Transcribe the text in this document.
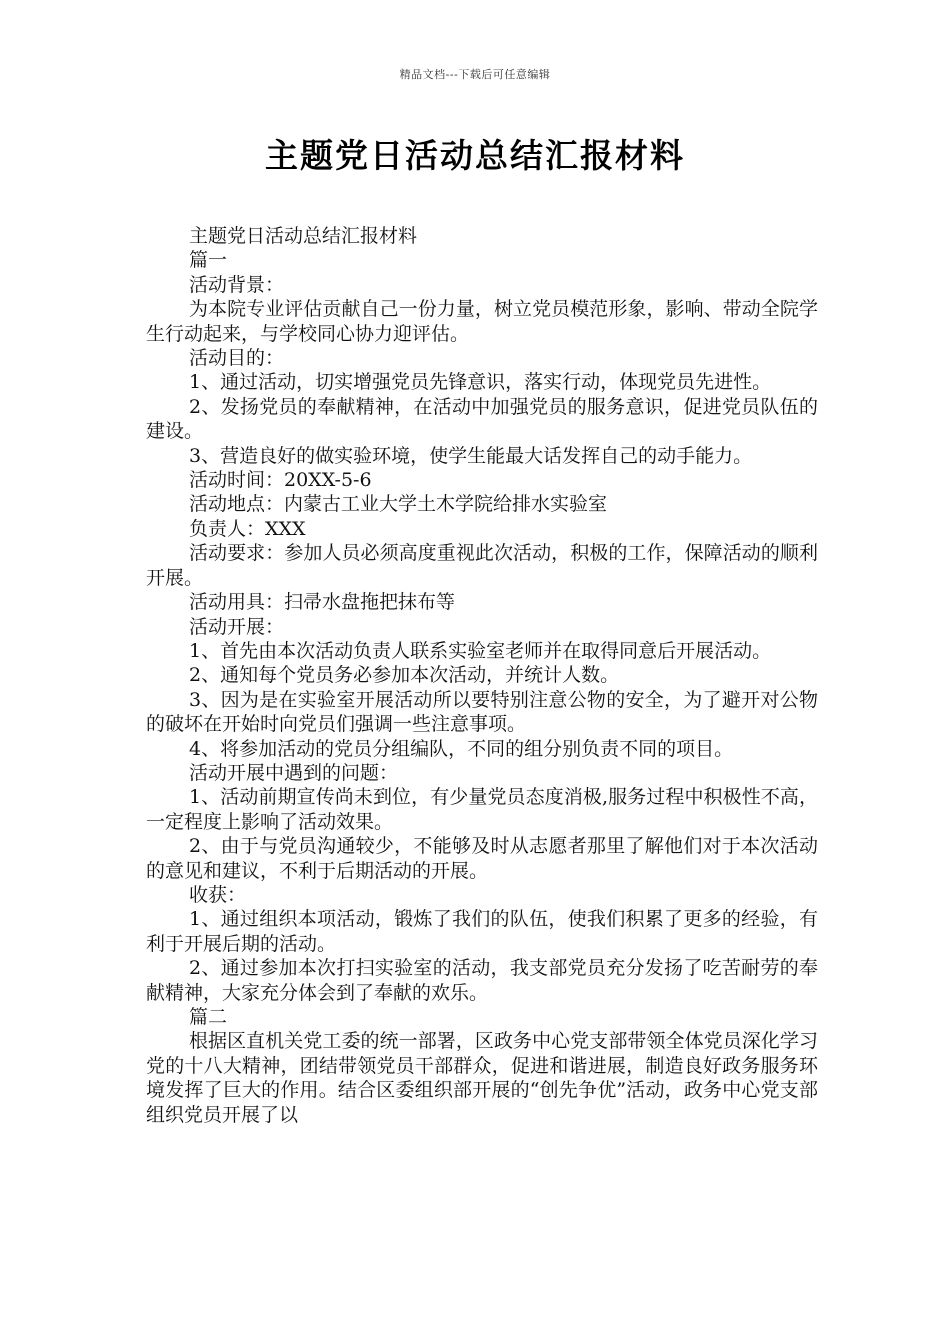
精品文档---下载后可任意编辑
主题党日活动总结汇报材料

主题党日活动总结汇报材料

篇一

活动背景：

为本院专业评估贡献自己一份力量，树立党员模范形象，影响、带动全院学生行动起来，与学校同心协力迎评估。

活动目的：

1、通过活动，切实增强党员先锋意识，落实行动，体现党员先进性。

2、发扬党员的奉献精神，在活动中加强党员的服务意识，促进党员队伍的建设。

3、营造良好的做实验环境，使学生能最大话发挥自己的动手能力。

活动时间：20XX-5-6

活动地点：内蒙古工业大学土木学院给排水实验室

负责人：XXX

活动要求：参加人员必须高度重视此次活动，积极的工作，保障活动的顺利开展。

活动用具：扫帚水盘拖把抹布等

活动开展：

1、首先由本次活动负责人联系实验室老师并在取得同意后开展活动。

2、通知每个党员务必参加本次活动，并统计人数。

3、因为是在实验室开展活动所以要特别注意公物的安全，为了避开对公物的破坏在开始时向党员们强调一些注意事项。

4、将参加活动的党员分组编队，不同的组分别负责不同的项目。

活动开展中遇到的问题：

1、活动前期宣传尚未到位，有少量党员态度消极,服务过程中积极性不高，一定程度上影响了活动效果。

2、由于与党员沟通较少，不能够及时从志愿者那里了解他们对于本次活动的意见和建议，不利于后期活动的开展。

收获：

1、通过组织本项活动，锻炼了我们的队伍，使我们积累了更多的经验，有利于开展后期的活动。

2、通过参加本次打扫实验室的活动，我支部党员充分发扬了吃苦耐劳的奉献精神，大家充分体会到了奉献的欢乐。

篇二

根据区直机关党工委的统一部署，区政务中心党支部带领全体党员深化学习党的十八大精神，团结带领党员干部群众，促进和谐进展，制造良好政务服务环境发挥了巨大的作用。结合区委组织部开展的“创先争优”活动，政务中心党支部组织党员开展了以
